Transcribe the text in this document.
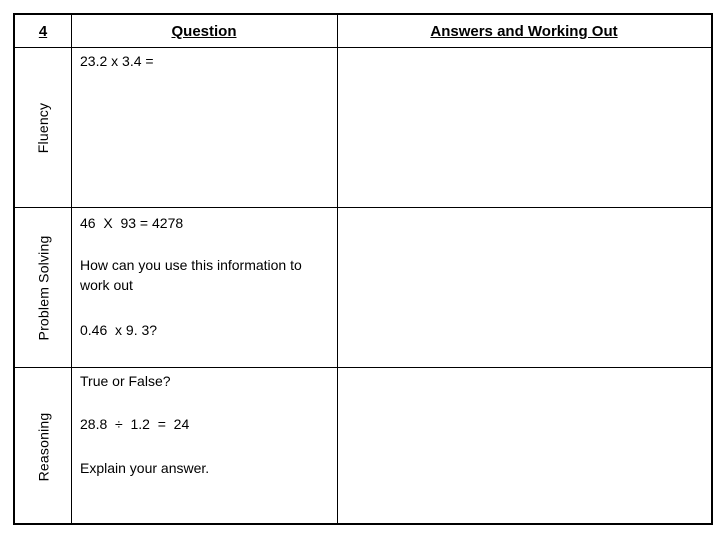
4	Question	Answers and Working Out
Fluency
Problem Solving
Reasoning
23.2 x 3.4 =
46  X  93 = 4278
How can you use this information to work out
0.46  x 9. 3?
True or False?
28.8  ÷  1.2  =  24
Explain your answer.
